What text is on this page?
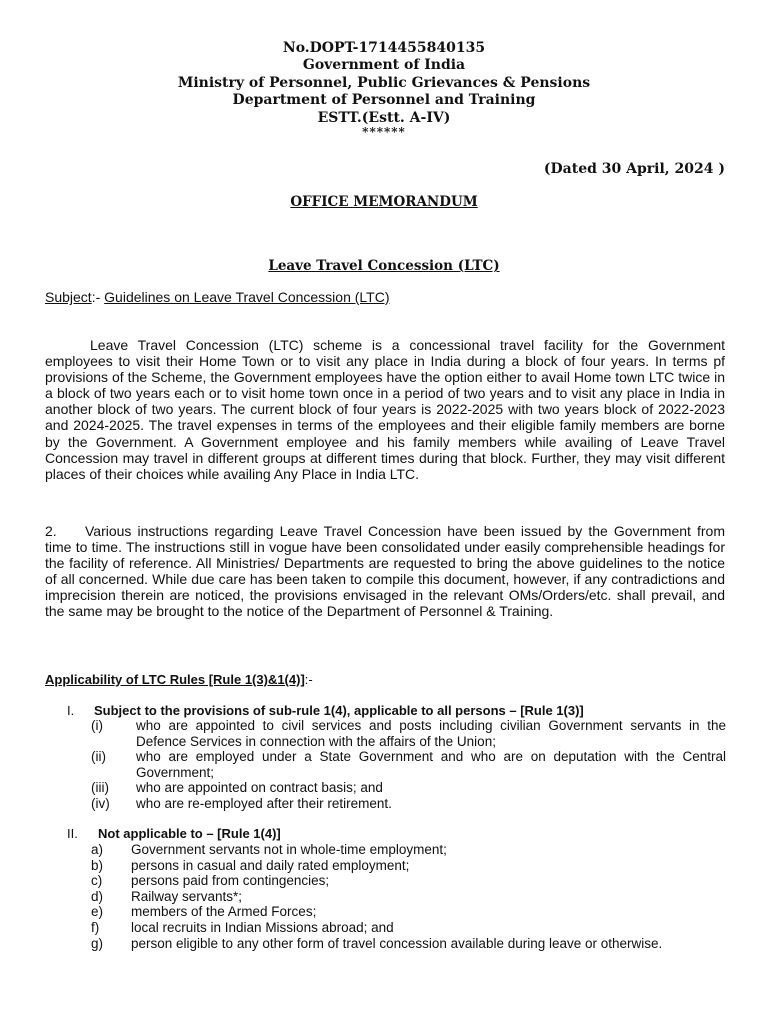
No.DOPT-1714455840135
Government of India
Ministry of Personnel, Public Grievances & Pensions
Department of Personnel and Training
ESTT.(Estt. A-IV)
******
(Dated 30 April, 2024 )
OFFICE MEMORANDUM
Leave Travel Concession (LTC)
Subject:- Guidelines on Leave Travel Concession (LTC)
Leave Travel Concession (LTC) scheme is a concessional travel facility for the Government employees to visit their Home Town or to visit any place in India during a block of four years. In terms pf provisions of the Scheme, the Government employees have the option either to avail Home town LTC twice in a block of two years each or to visit home town once in a period of two years and to visit any place in India in another block of two years. The current block of four years is 2022-2025 with two years block of 2022-2023 and 2024-2025. The travel expenses in terms of the employees and their eligible family members are borne by the Government. A Government employee and his family members while availing of Leave Travel Concession may travel in different groups at different times during that block. Further, they may visit different places of their choices while availing Any Place in India LTC.
2. Various instructions regarding Leave Travel Concession have been issued by the Government from time to time. The instructions still in vogue have been consolidated under easily comprehensible headings for the facility of reference. All Ministries/ Departments are requested to bring the above guidelines to the notice of all concerned. While due care has been taken to compile this document, however, if any contradictions and imprecision therein are noticed, the provisions envisaged in the relevant OMs/Orders/etc. shall prevail, and the same may be brought to the notice of the Department of Personnel & Training.
Applicability of LTC Rules [Rule 1(3)&1(4)]:-
I. Subject to the provisions of sub-rule 1(4), applicable to all persons – [Rule 1(3)]
(i)	who are appointed to civil services and posts including civilian Government servants in the Defence Services in connection with the affairs of the Union;
(ii)	who are employed under a State Government and who are on deputation with the Central Government;
(iii)	who are appointed on contract basis; and
(iv)	who are re-employed after their retirement.
II. Not applicable to – [Rule 1(4)]
a)	Government servants not in whole-time employment;
b)	persons in casual and daily rated employment;
c)	persons paid from contingencies;
d)	Railway servants*;
e)	members of the Armed Forces;
f)	local recruits in Indian Missions abroad; and
g)	person eligible to any other form of travel concession available during leave or otherwise.
